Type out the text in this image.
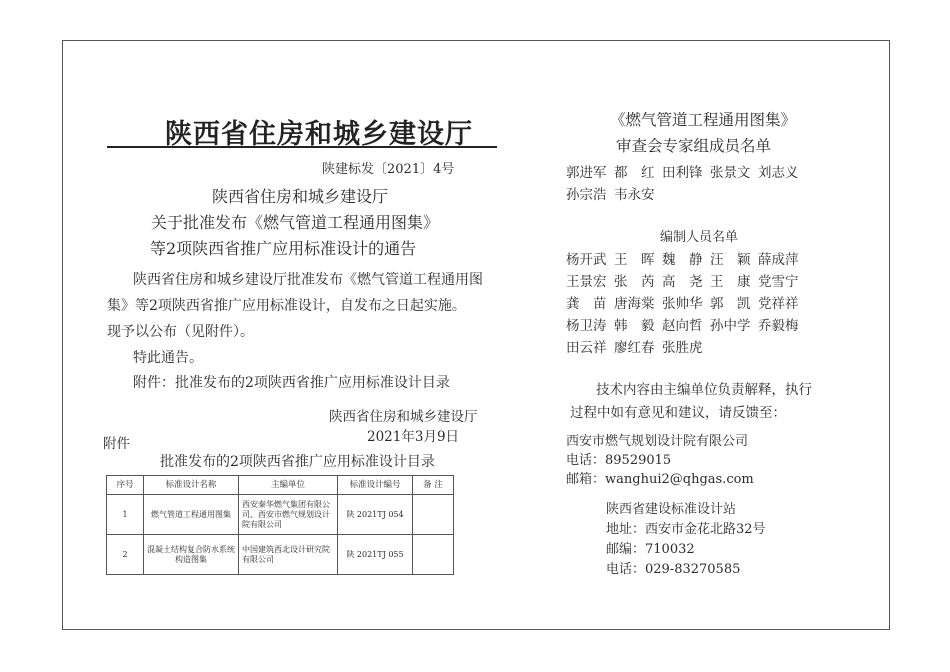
陕西省住房和城乡建设厅
陕建标发〔2021〕4号
陕西省住房和城乡建设厅
关于批准发布《燃气管道工程通用图集》
等2项陕西省推广应用标准设计的通告
陕西省住房和城乡建设厅批准发布《燃气管道工程通用图
集》等2项陕西省推广应用标准设计，自发布之日起实施。
现予以公布（见附件）。
特此通告。
附件：批准发布的2项陕西省推广应用标准设计目录
陕西省住房和城乡建设厅
2021年3月9日
附件
批准发布的2项陕西省推广应用标准设计目录
序号	标准设计名称	主编单位	标准设计编号	备 注
1	燃气管道工程通用图集	西安秦华燃气集团有限公司、西安市燃气规划设计院有限公司	陕 2021TJ 054	
2	混凝土结构复合防水系统构造图集	中国建筑西北设计研究院有限公司	陕 2021TJ 055	
《燃气管道工程通用图集》
审查会专家组成员名单
郭进军 都　红 田利锋 张景文 刘志义
孙宗浩 韦永安
编制人员名单
杨开武 王　晖 魏　静 汪　颖 薛成萍
王景宏 张　芮 高　尧 王　康 党雪宁
龚　苗 唐海棠 张帅华 郭　凯 党祥祥
杨卫涛 韩　毅 赵向哲 孙中学 乔毅梅
田云祥 廖红春 张胜虎
技术内容由主编单位负责解释，执行
过程中如有意见和建议，请反馈至：
西安市燃气规划设计院有限公司
电话：89529015
邮箱：wanghui2@qhgas.com
陕西省建设标准设计站
地址：西安市金花北路32号
邮编：710032
电话：029-83270585
